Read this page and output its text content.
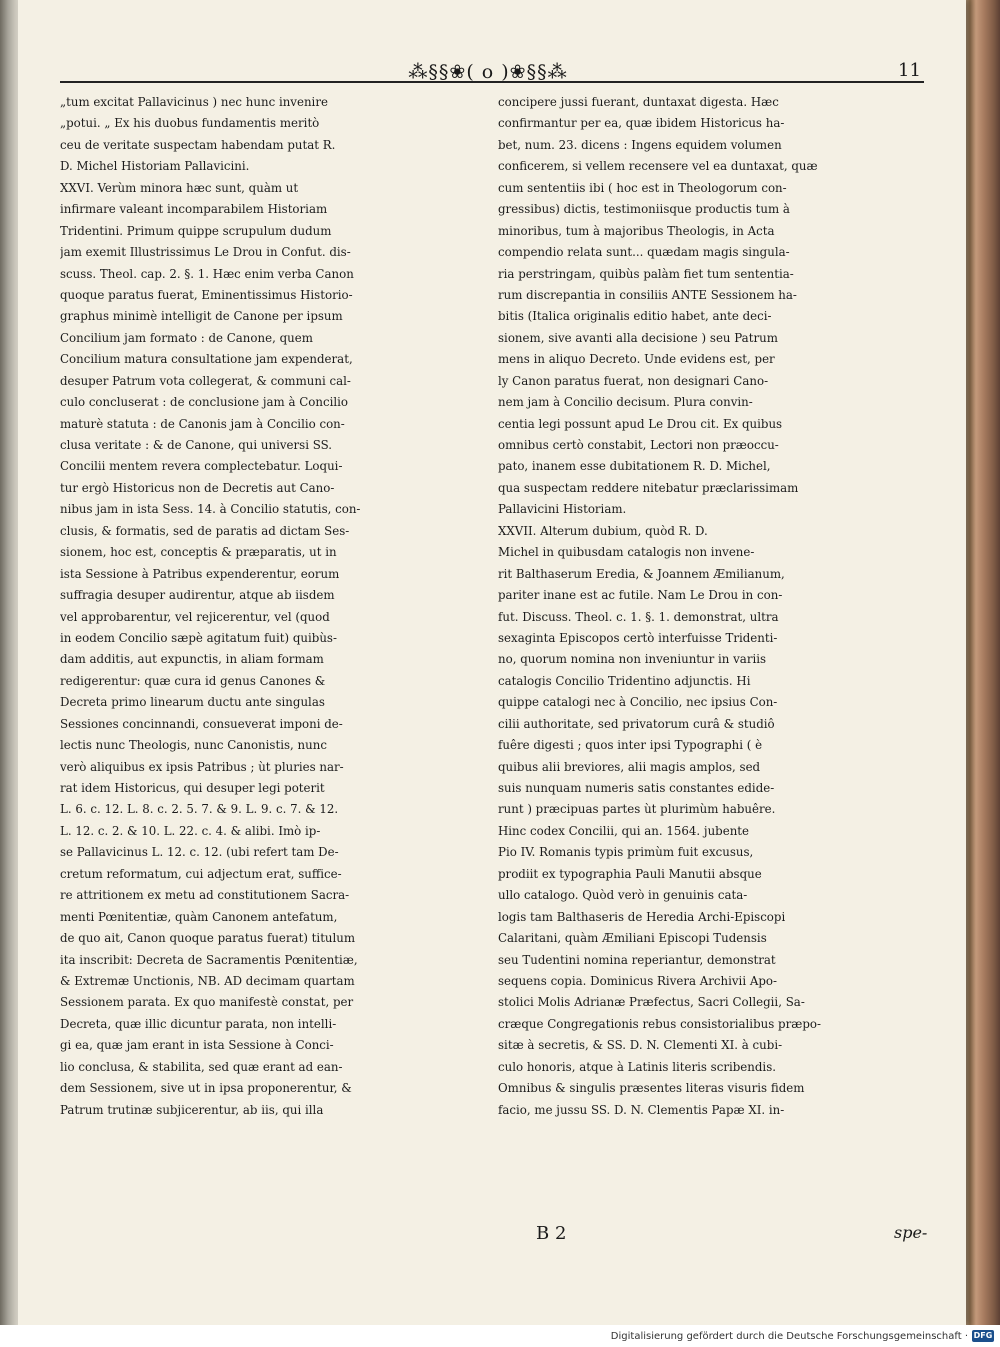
⁂§§❀( o )❀§§⁂	11
„tum excitat Pallavicinus ) nec hunc invenire
„potui. „ Ex his duobus fundamentis meritò
ceu de veritate suspectam habendam putat R.
D. Michel Historiam Pallavicini.
XXVI. Verùm minora hæc sunt, quàm ut
infirmare valeant incomparabilem Historiam
Tridentini. Primum quippe scrupulum dudum
jam exemit Illustrissimus Le Drou in Confut. dis-
scuss. Theol. cap. 2. §. 1. Hæc enim verba Canon
quoque paratus fuerat, Eminentissimus Historio-
graphus minimè intelligit de Canone per ipsum
Concilium jam formato : de Canone, quem
Concilium matura consultatione jam expenderat,
desuper Patrum vota collegerat, & communi cal-
culo concluserat : de conclusione jam à Concilio
maturè statuta : de Canonis jam à Concilio con-
clusa veritate : & de Canone, qui universi SS.
Concilii mentem revera complectebatur. Loqui-
tur ergò Historicus non de Decretis aut Cano-
nibus jam in ista Sess. 14. à Concilio statutis, con-
clusis, & formatis, sed de paratis ad dictam Ses-
sionem, hoc est, conceptis & præparatis, ut in
ista Sessione à Patribus expenderentur, eorum
suffragia desuper audirentur, atque ab iisdem
vel approbarentur, vel rejicerentur, vel (quod
in eodem Concilio sæpè agitatum fuit) quibùs-
dam additis, aut expunctis, in aliam formam
redigerentur: quæ cura id genus Canones &
Decreta primo linearum ductu ante singulas
Sessiones concinnandi, consueverat imponi de-
lectis nunc Theologis, nunc Canonistis, nunc
verò aliquibus ex ipsis Patribus ; ùt pluries nar-
rat idem Historicus, qui desuper legi poterit
L. 6. c. 12. L. 8. c. 2. 5. 7. & 9. L. 9. c. 7. & 12.
L. 12. c. 2. & 10. L. 22. c. 4. & alibi. Imò ip-
se Pallavicinus L. 12. c. 12. (ubi refert tam De-
cretum reformatum, cui adjectum erat, suffice-
re attritionem ex metu ad constitutionem Sacra-
menti Pœnitentiæ, quàm Canonem antefatum,
de quo ait, Canon quoque paratus fuerat) titulum
ita inscribit: Decreta de Sacramentis Pœnitentiæ,
& Extremæ Unctionis, NB. AD decimam quartam
Sessionem parata. Ex quo manifestè constat, per
Decreta, quæ illic dicuntur parata, non intelli-
gi ea, quæ jam erant in ista Sessione à Conci-
lio conclusa, & stabilita, sed quæ erant ad ean-
dem Sessionem, sive ut in ipsa proponerentur, &
Patrum trutinæ subjicerentur, ab iis, qui illa
concipere jussi fuerant, duntaxat digesta. Hæc
confirmantur per ea, quæ ibidem Historicus ha-
bet, num. 23. dicens : Ingens equidem volumen
conficerem, si vellem recensere vel ea duntaxat, quæ
cum sententiis ibi ( hoc est in Theologorum con-
gressibus) dictis, testimoniisque productis tum à
minoribus, tum à majoribus Theologis, in Acta
compendio relata sunt... quædam magis singula-
ria perstringam, quibùs palàm fiet tum sententia-
rum discrepantia in consiliis ANTE Sessionem ha-
bitis (Italica originalis editio habet, ante deci-
sionem, sive avanti alla decisione ) seu Patrum
mens in aliquo Decreto. Unde evidens est, per
ly Canon paratus fuerat, non designari Cano-
nem jam à Concilio decisum. Plura convin-
centia legi possunt apud Le Drou cit. Ex quibus
omnibus certò constabit, Lectori non præoccu-
pato, inanem esse dubitationem R. D. Michel,
qua suspectam reddere nitebatur præclarissimam
Pallavicini Historiam.
XXVII. Alterum dubium, quòd R. D.
Michel in quibusdam catalogis non invene-
rit Balthaserum Eredia, & Joannem Æmilianum,
pariter inane est ac futile. Nam Le Drou in con-
fut. Discuss. Theol. c. 1. §. 1. demonstrat, ultra
sexaginta Episcopos certò interfuisse Tridenti-
no, quorum nomina non inveniuntur in variis
catalogis Concilio Tridentino adjunctis. Hi
quippe catalogi nec à Concilio, nec ipsius Con-
cilii authoritate, sed privatorum curâ & studiô
fuêre digesti ; quos inter ipsi Typographi ( è
quibus alii breviores, alii magis amplos, sed
suis nunquam numeris satis constantes edide-
runt ) præcipuas partes ùt plurimùm habuêre.
Hinc codex Concilii, qui an. 1564. jubente
Pio IV. Romanis typis primùm fuit excusus,
prodiit ex typographia Pauli Manutii absque
ullo catalogo. Quòd verò in genuinis cata-
logis tam Balthaseris de Heredia Archi-Episcopi
Calaritani, quàm Æmiliani Episcopi Tudensis
seu Tudentini nomina reperiantur, demonstrat
sequens copia. Dominicus Rivera Archivii Apo-
stolici Molis Adrianæ Præfectus, Sacri Collegii, Sa-
cræque Congregationis rebus consistorialibus præpo-
sitæ à secretis, & SS. D. N. Clementi XI. à cubi-
culo honoris, atque à Latinis literis scribendis.
Omnibus & singulis præsentes literas visuris fidem
facio, me jussu SS. D. N. Clementis Papæ XI. in-
B 2	spe-
Digitalisierung gefördert durch die Deutsche Forschungsgemeinschaft · DFG
